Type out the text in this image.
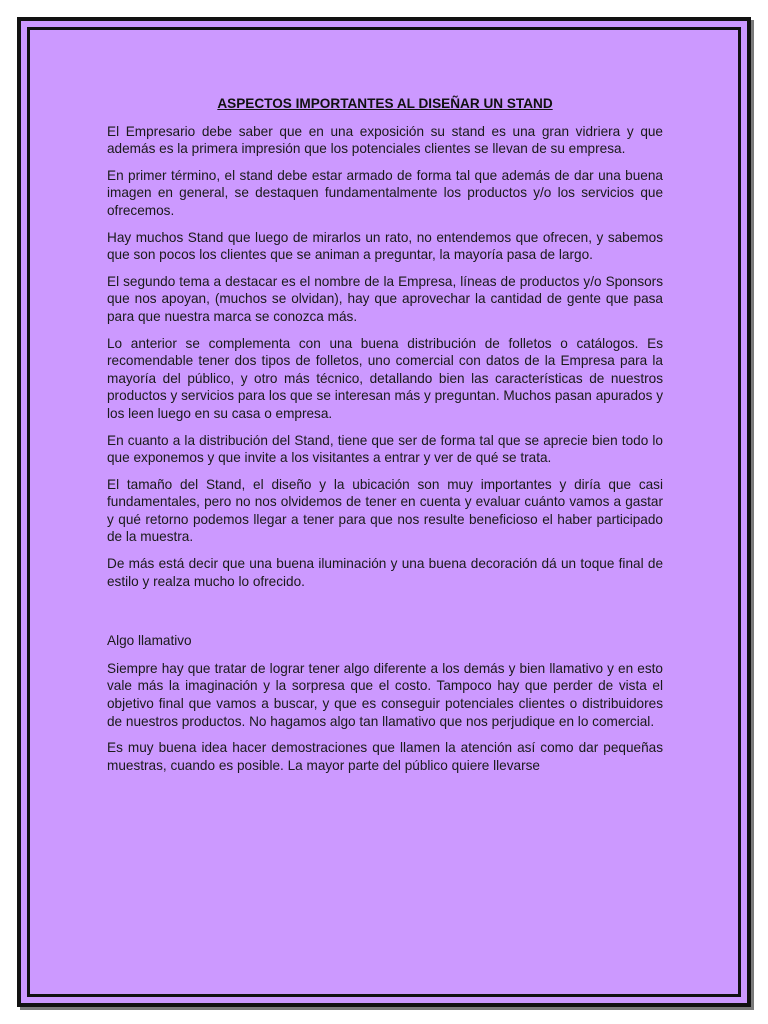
ASPECTOS IMPORTANTES AL DISEÑAR UN STAND

El Empresario debe saber que en una exposición su stand es una gran vidriera y que además es la primera impresión que los potenciales clientes se llevan de su empresa.

En primer término, el stand debe estar armado de forma tal que además de dar una buena imagen en general, se destaquen fundamentalmente los productos y/o los servicios que ofrecemos.

Hay muchos Stand que luego de mirarlos un rato, no entendemos que ofrecen, y sabemos que son pocos los clientes que se animan a preguntar, la mayoría pasa de largo.

El segundo tema a destacar es el nombre de la Empresa, líneas de productos y/o Sponsors que nos apoyan, (muchos se olvidan), hay que aprovechar la cantidad de gente que pasa para que nuestra marca se conozca más.

Lo anterior se complementa con una buena distribución de folletos o catálogos. Es recomendable tener dos tipos de folletos, uno comercial con datos de la Empresa para la mayoría del público, y otro más técnico, detallando bien las características de nuestros productos y servicios para los que se interesan más y preguntan. Muchos pasan apurados y los leen luego en su casa o empresa.

En cuanto a la distribución del Stand, tiene que ser de forma tal que se aprecie bien todo lo que exponemos y que invite a los visitantes a entrar y ver de qué se trata.

El tamaño del Stand, el diseño y la ubicación son muy importantes y diría que casi fundamentales, pero no nos olvidemos de tener en cuenta y evaluar cuánto vamos a gastar y qué retorno podemos llegar a tener para que nos resulte beneficioso el haber participado de la muestra.

De más está decir que una buena iluminación y una buena decoración dá un toque final de estilo y realza mucho lo ofrecido.

Algo llamativo

Siempre hay que tratar de lograr tener algo diferente a los demás y bien llamativo y en esto vale más la imaginación y la sorpresa que el costo. Tampoco hay que perder de vista el objetivo final que vamos a buscar, y que es conseguir potenciales clientes o distribuidores de nuestros productos. No hagamos algo tan llamativo que nos perjudique en lo comercial.

Es muy buena idea hacer demostraciones que llamen la atención así como dar pequeñas muestras, cuando es posible. La mayor parte del público quiere llevarse
